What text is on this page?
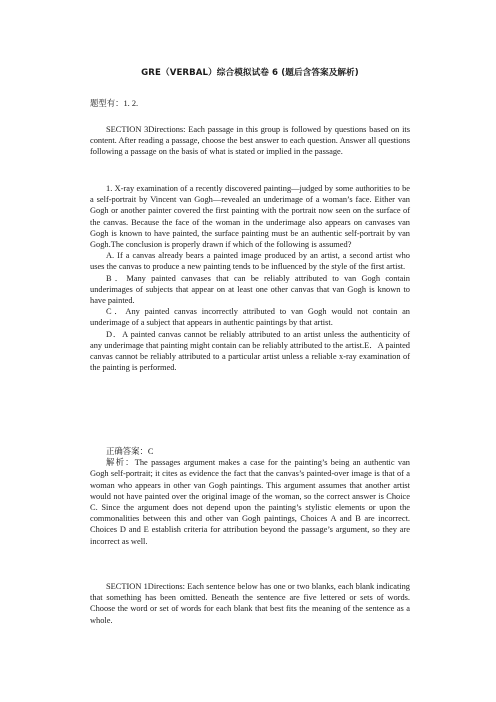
GRE（VERBAL）综合模拟试卷 6 (题后含答案及解析)
题型有：1. 2.

SECTION 3Directions: Each passage in this group is followed by questions based on its content. After reading a passage, choose the best answer to each question. Answer all questions following a passage on the basis of what is stated or implied in the passage.

1. X-ray examination of a recently discovered painting—judged by some authorities to be a self-portrait by Vincent van Gogh—revealed an underimage of a woman’s face. Either van Gogh or another painter covered the first painting with the portrait now seen on the surface of the canvas. Because the face of the woman in the underimage also appears on canvases van Gogh is known to have painted, the surface painting must be an authentic self-portrait by van Gogh.The conclusion is properly drawn if which of the following is assumed?

A. If a canvas already bears a painted image produced by an artist, a second artist who uses the canvas to produce a new painting tends to be influenced by the style of the first artist.

B．Many painted canvases that can be reliably attributed to van Gogh contain underimages of subjects that appear on at least one other canvas that van Gogh is known to have painted.

C．Any painted canvas incorrectly attributed to van Gogh would not contain an underimage of a subject that appears in authentic paintings by that artist.

D．A painted canvas cannot be reliably attributed to an artist unless the authenticity of any underimage that painting might contain can be reliably attributed to the artist.E．A painted canvas cannot be reliably attributed to a particular artist unless a reliable x-ray examination of the painting is performed.

正确答案：C

解析：The passages argument makes a case for the painting’s being an authentic van Gogh self-portrait; it cites as evidence the fact that the canvas’s painted-over image is that of a woman who appears in other van Gogh paintings. This argument assumes that another artist would not have painted over the original image of the woman, so the correct answer is Choice C. Since the argument does not depend upon the painting’s stylistic elements or upon the commonalities between this and other van Gogh paintings, Choices A and B are incorrect. Choices D and E establish criteria for attribution beyond the passage’s argument, so they are incorrect as well.

SECTION 1Directions: Each sentence below has one or two blanks, each blank indicating that something has been omitted. Beneath the sentence are five lettered or sets of words. Choose the word or set of words for each blank that best fits the meaning of the sentence as a whole.
